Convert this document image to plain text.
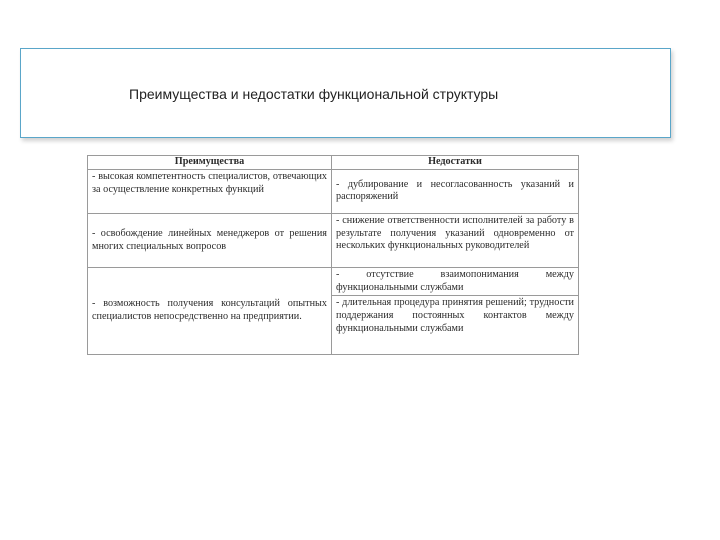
Преимущества и недостатки функциональной структуры
Преимущества	Недостатки
- высокая компетентность специалистов, отвечающих за осуществление конкретных функций	- дублирование и несогласованность указаний и распоряжений
- освобождение линейных менеджеров от решения многих специальных вопросов	- снижение ответственности исполнителей за работу в результате получения указаний одновременно от нескольких функциональных руководителей
- возможность получения консультаций опытных специалистов непосредственно на предприятии.	- отсутствие взаимопонимания между функциональными службами
	- длительная процедура принятия решений; трудности поддержания постоянных контактов между функциональными службами
